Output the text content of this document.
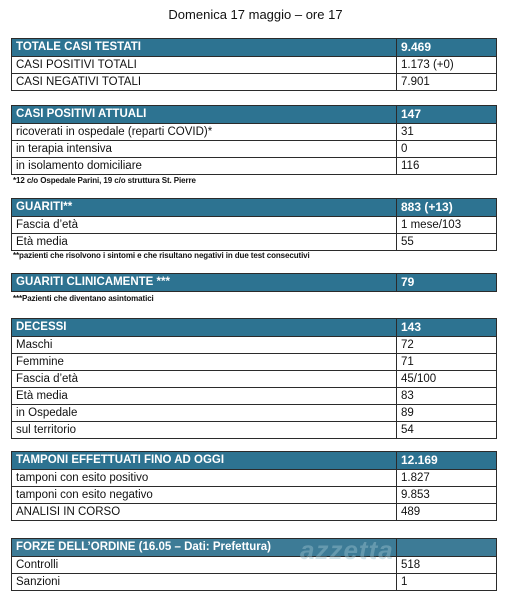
Domenica 17 maggio – ore 17
TOTALE CASI TESTATI	9.469
CASI POSITIVI TOTALI	1.173 (+0)
CASI NEGATIVI TOTALI	7.901
CASI POSITIVI ATTUALI	147
ricoverati in ospedale (reparti COVID)*	31
in terapia intensiva	0
in isolamento domiciliare	116
*12 c/o Ospedale Parini, 19 c/o struttura St. Pierre
GUARITI**	883 (+13)
Fascia d’età	1 mese/103
Età media	55
**pazienti che risolvono i sintomi e che risultano negativi in due test consecutivi
GUARITI CLINICAMENTE ***	79
***Pazienti che diventano asintomatici
DECESSI	143
Maschi	72
Femmine	71
Fascia d’età	45/100
Età media	83
in Ospedale	89
sul territorio	54
TAMPONI EFFETTUATI FINO AD OGGI	12.169
tamponi con esito positivo	1.827
tamponi con esito negativo	9.853
ANALISI IN CORSO	489
FORZE DELL’ORDINE (16.05 – Dati: Prefettura)	
Controlli	518
Sanzioni	1
azzetta
